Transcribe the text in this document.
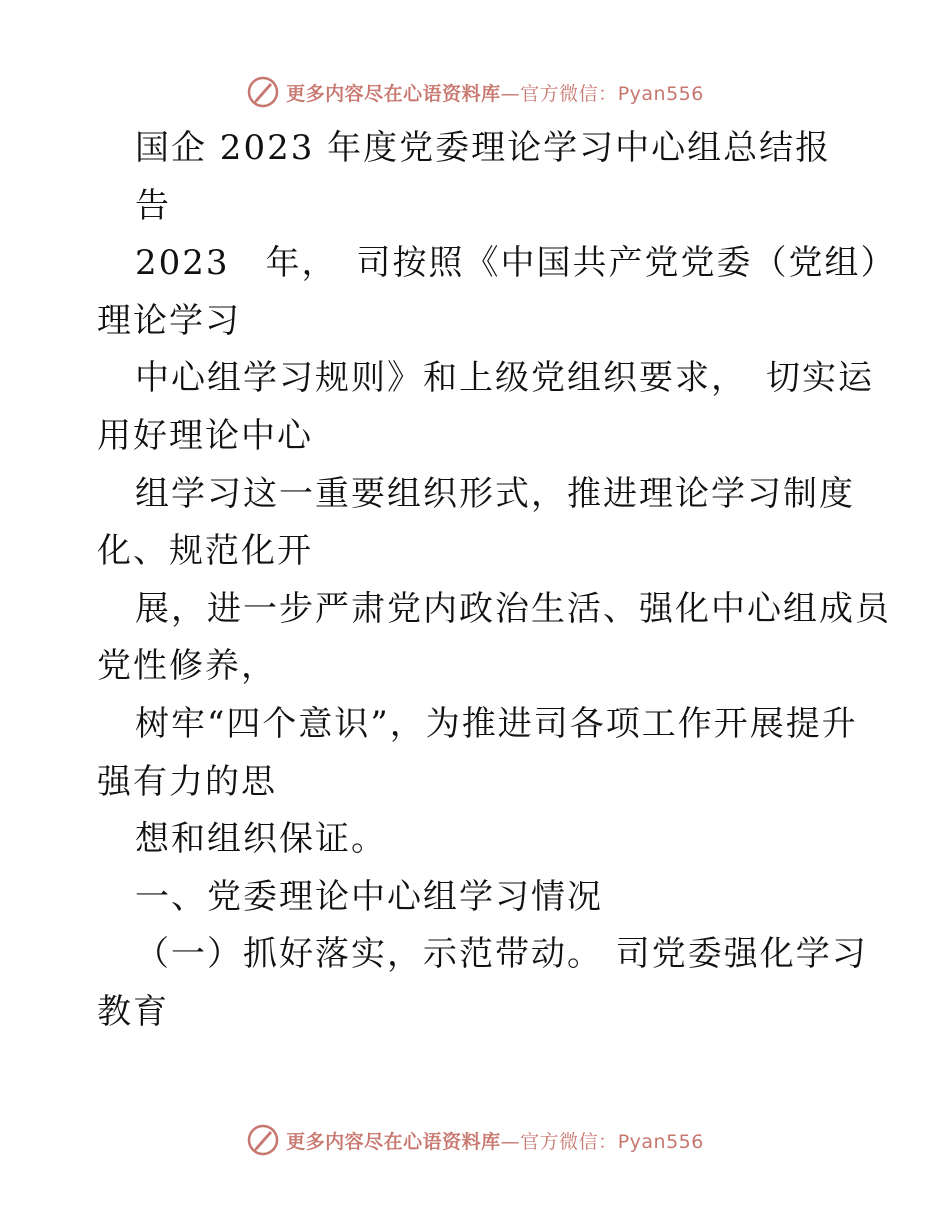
更多内容尽在心语资料库—官方微信：Pyan556
国企 2023 年度党委理论学习中心组总结报
告
2023　年，　司按照《中国共产党党委（党组）
理论学习
中心组学习规则》和上级党组织要求，　切实运
用好理论中心
组学习这一重要组织形式，推进理论学习制度
化、规范化开
展，进一步严肃党内政治生活、强化中心组成员
党性修养，
树牢“四个意识”，为推进司各项工作开展提升
强有力的思
想和组织保证。
一、党委理论中心组学习情况
（一）抓好落实，示范带动。 司党委强化学习
教育
更多内容尽在心语资料库—官方微信：Pyan556
